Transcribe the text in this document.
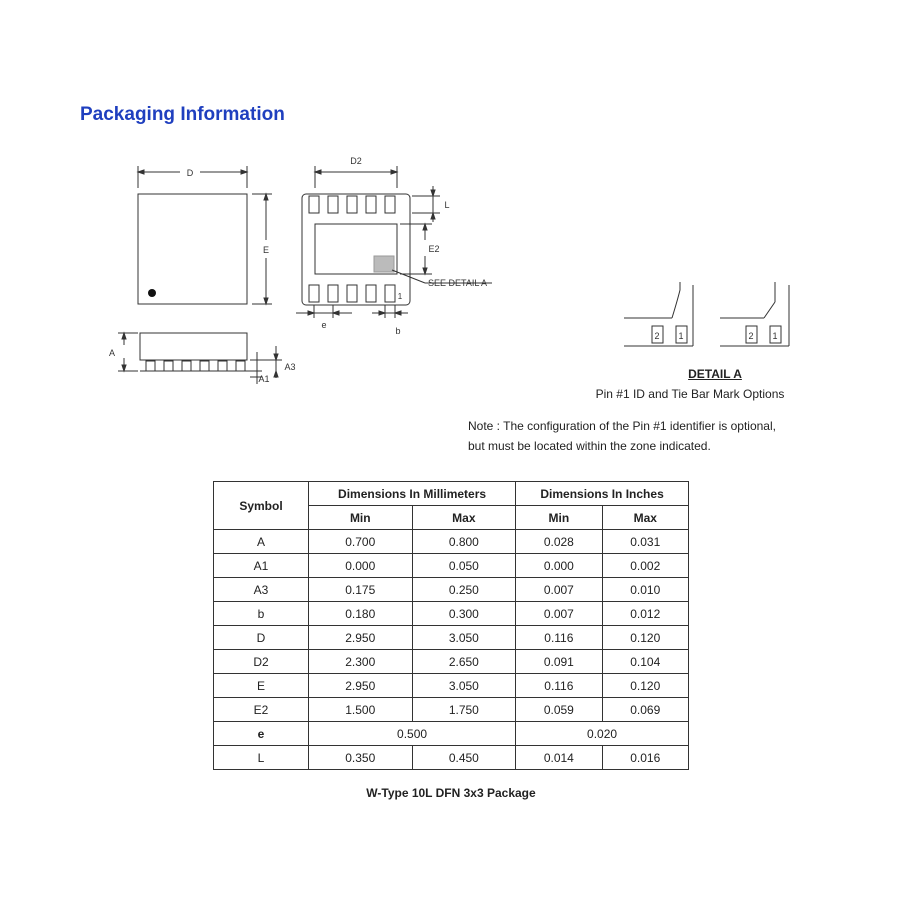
Packaging Information
D
E
A
A1
A3
D2
L
E2
SEE DETAIL A
1
e
b	2 1	2 1
DETAIL A
Pin #1 ID and Tie Bar Mark Options
Note : The configuration of the Pin #1 identifier is optional,
but must be located within the zone indicated.
Symbol	Dimensions In Millimeters		Dimensions In Inches	
	Min	Max	Min	Max
A	0.700	0.800	0.028	0.031
A1	0.000	0.050	0.000	0.002
A3	0.175	0.250	0.007	0.010
b	0.180	0.300	0.007	0.012
D	2.950	3.050	0.116	0.120
D2	2.300	2.650	0.091	0.104
E	2.950	3.050	0.116	0.120
E2	1.500	1.750	0.059	0.069
e	0.500		0.020	
L	0.350	0.450	0.014	0.016
W-Type 10L DFN 3x3 Package
